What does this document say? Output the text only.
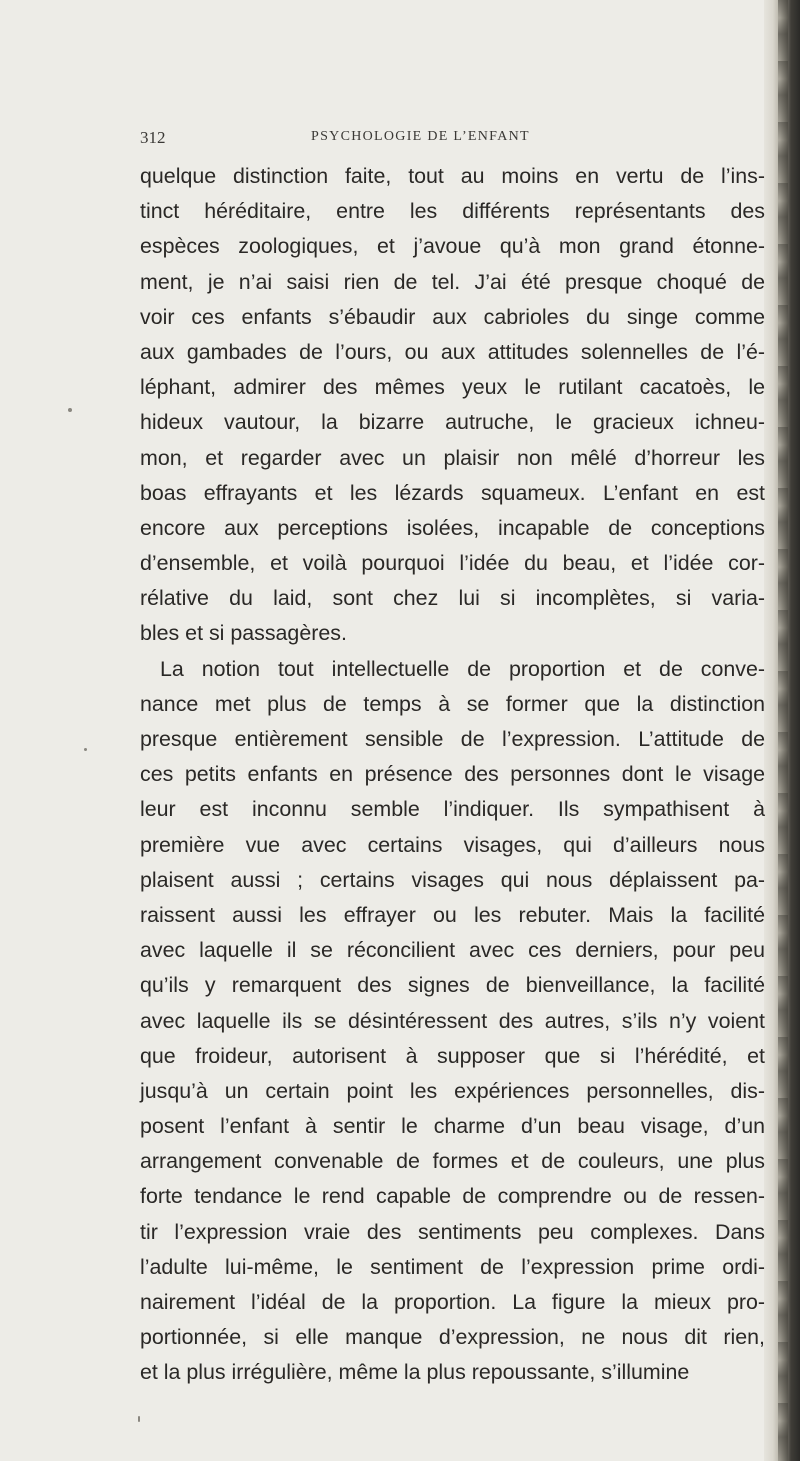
312	PSYCHOLOGIE DE L’ENFANT
quelque distinction faite, tout au moins en vertu de l’ins-
tinct héréditaire, entre les différents représentants des
espèces zoologiques, et j’avoue qu’à mon grand étonne-
ment, je n’ai saisi rien de tel. J’ai été presque choqué de
voir ces enfants s’ébaudir aux cabrioles du singe comme
aux gambades de l’ours, ou aux attitudes solennelles de l’é-
léphant, admirer des mêmes yeux le rutilant cacatoès, le
hideux vautour, la bizarre autruche, le gracieux ichneu-
mon, et regarder avec un plaisir non mêlé d’horreur les
boas effrayants et les lézards squameux. L’enfant en est
encore aux perceptions isolées, incapable de conceptions
d’ensemble, et voilà pourquoi l’idée du beau, et l’idée cor-
rélative du laid, sont chez lui si incomplètes, si varia-
bles et si passagères.
La notion tout intellectuelle de proportion et de conve-
nance met plus de temps à se former que la distinction
presque entièrement sensible de l’expression. L’attitude de
ces petits enfants en présence des personnes dont le visage
leur est inconnu semble l’indiquer. Ils sympathisent à
première vue avec certains visages, qui d’ailleurs nous
plaisent aussi ; certains visages qui nous déplaissent pa-
raissent aussi les effrayer ou les rebuter. Mais la facilité
avec laquelle il se réconcilient avec ces derniers, pour peu
qu’ils y remarquent des signes de bienveillance, la facilité
avec laquelle ils se désintéressent des autres, s’ils n’y voient
que froideur, autorisent à supposer que si l’hérédité, et
jusqu’à un certain point les expériences personnelles, dis-
posent l’enfant à sentir le charme d’un beau visage, d’un
arrangement convenable de formes et de couleurs, une plus
forte tendance le rend capable de comprendre ou de ressen-
tir l’expression vraie des sentiments peu complexes. Dans
l’adulte lui-même, le sentiment de l’expression prime ordi-
nairement l’idéal de la proportion. La figure la mieux pro-
portionnée, si elle manque d’expression, ne nous dit rien,
et la plus irrégulière, même la plus repoussante, s’illumine
